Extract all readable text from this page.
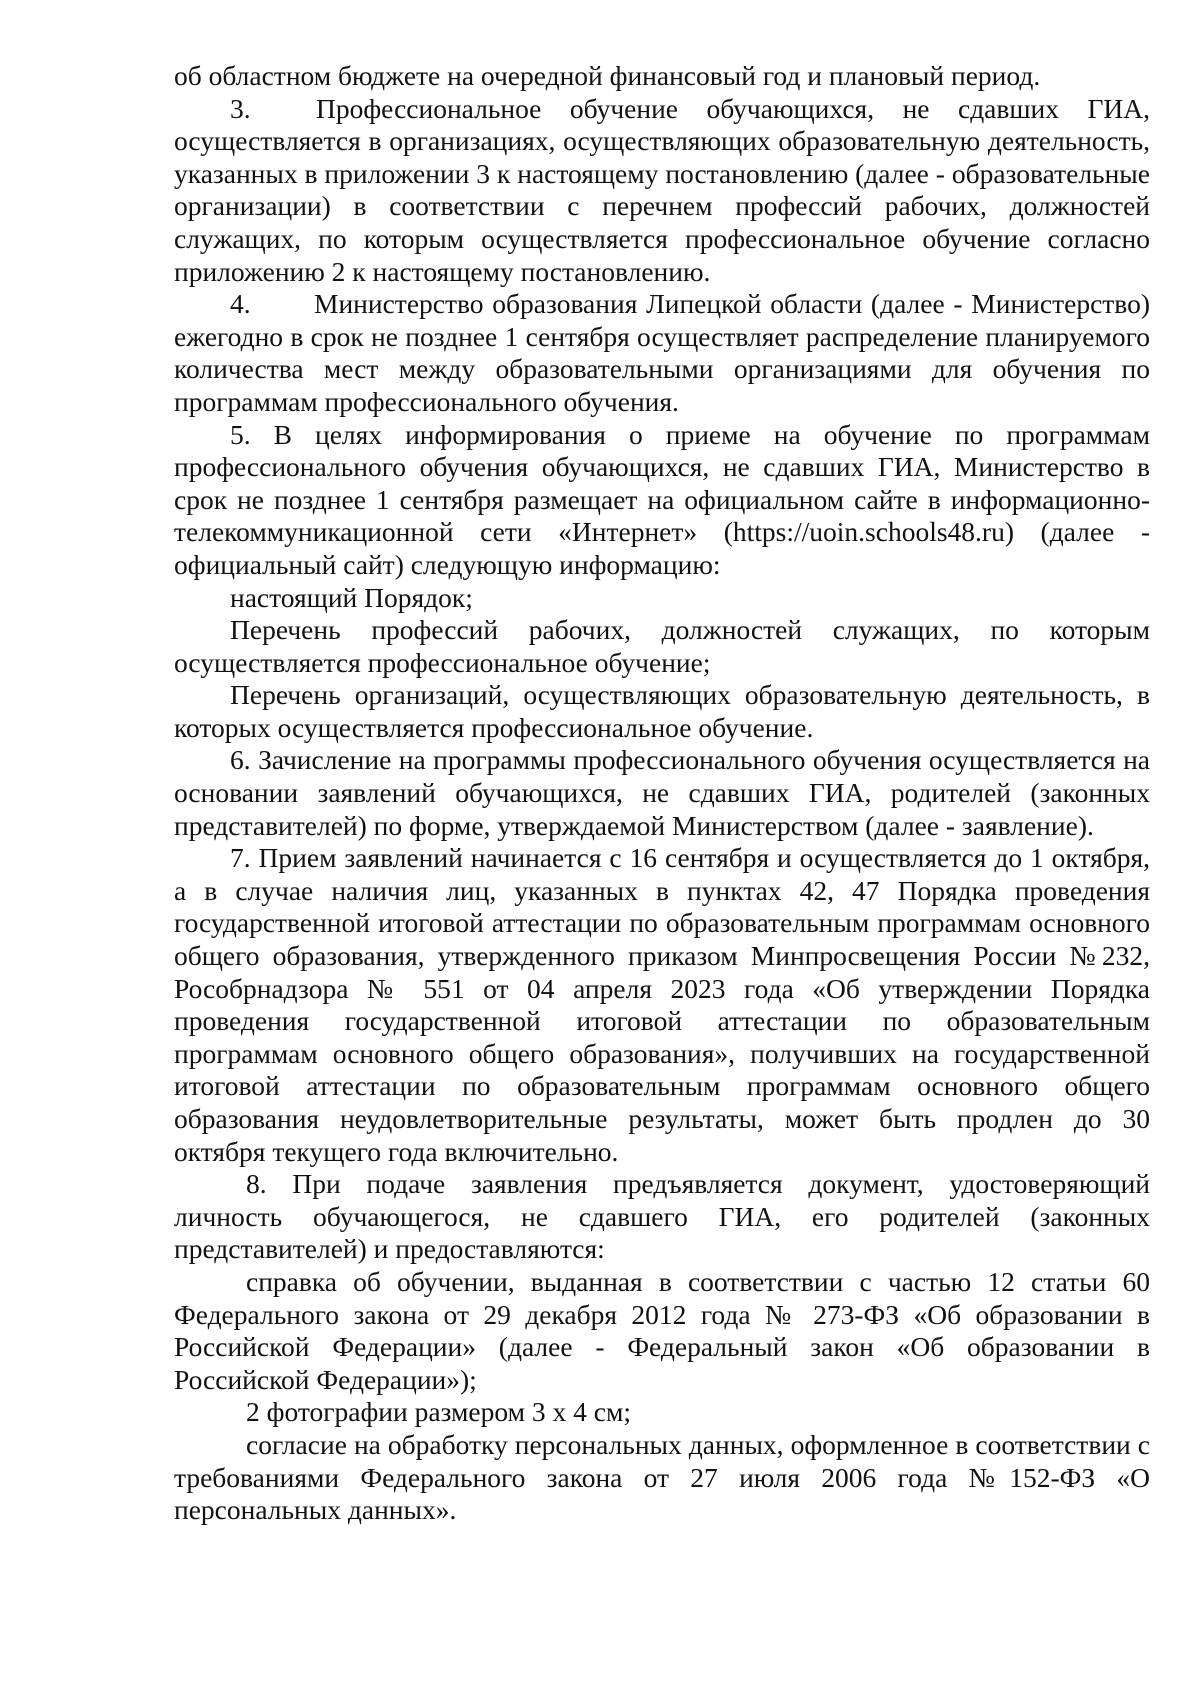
об областном бюджете на очередной финансовый год и плановый период.

3. Профессиональное обучение обучающихся, не сдавших ГИА, осуществляется в организациях, осуществляющих образовательную деятельность, указанных в приложении 3 к настоящему постановлению (далее - образовательные организации) в соответствии с перечнем профессий рабочих, должностей служащих, по которым осуществляется профессиональное обучение согласно приложению 2 к настоящему постановлению.

4. Министерство образования Липецкой области (далее - Министерство) ежегодно в срок не позднее 1 сентября осуществляет распределение планируемого количества мест между образовательными организациями для обучения по программам профессионального обучения.

5. В целях информирования о приеме на обучение по программам профессионального обучения обучающихся, не сдавших ГИА, Министерство в срок не позднее 1 сентября размещает на официальном сайте в информационно-телекоммуникационной сети «Интернет» (https://uoin.schools48.ru) (далее - официальный сайт) следующую информацию:

настоящий Порядок;

Перечень профессий рабочих, должностей служащих, по которым осуществляется профессиональное обучение;

Перечень организаций, осуществляющих образовательную деятельность, в которых осуществляется профессиональное обучение.

6. Зачисление на программы профессионального обучения осуществляется на основании заявлений обучающихся, не сдавших ГИА, родителей (законных представителей) по форме, утверждаемой Министерством (далее - заявление).

7. Прием заявлений начинается с 16 сентября и осуществляется до 1 октября, а в случае наличия лиц, указанных в пунктах 42, 47 Порядка проведения государственной итоговой аттестации по образовательным программам основного общего образования, утвержденного приказом Минпросвещения России №232, Рособрнадзора № 551 от 04 апреля 2023 года «Об утверждении Порядка проведения государственной итоговой аттестации по образовательным программам основного общего образования», получивших на государственной итоговой аттестации по образовательным программам основного общего образования неудовлетворительные результаты, может быть продлен до 30 октября текущего года включительно.

8. При подаче заявления предъявляется документ, удостоверяющий личность обучающегося, не сдавшего ГИА, его родителей (законных представителей) и предоставляются:

справка об обучении, выданная в соответствии с частью 12 статьи 60 Федерального закона от 29 декабря 2012 года № 273-ФЗ «Об образовании в Российской Федерации» (далее - Федеральный закон «Об образовании в Российской Федерации»);

2 фотографии размером 3 х 4 см;

согласие на обработку персональных данных, оформленное в соответствии с требованиями Федерального закона от 27 июля 2006 года №152-ФЗ «О персональных данных».
